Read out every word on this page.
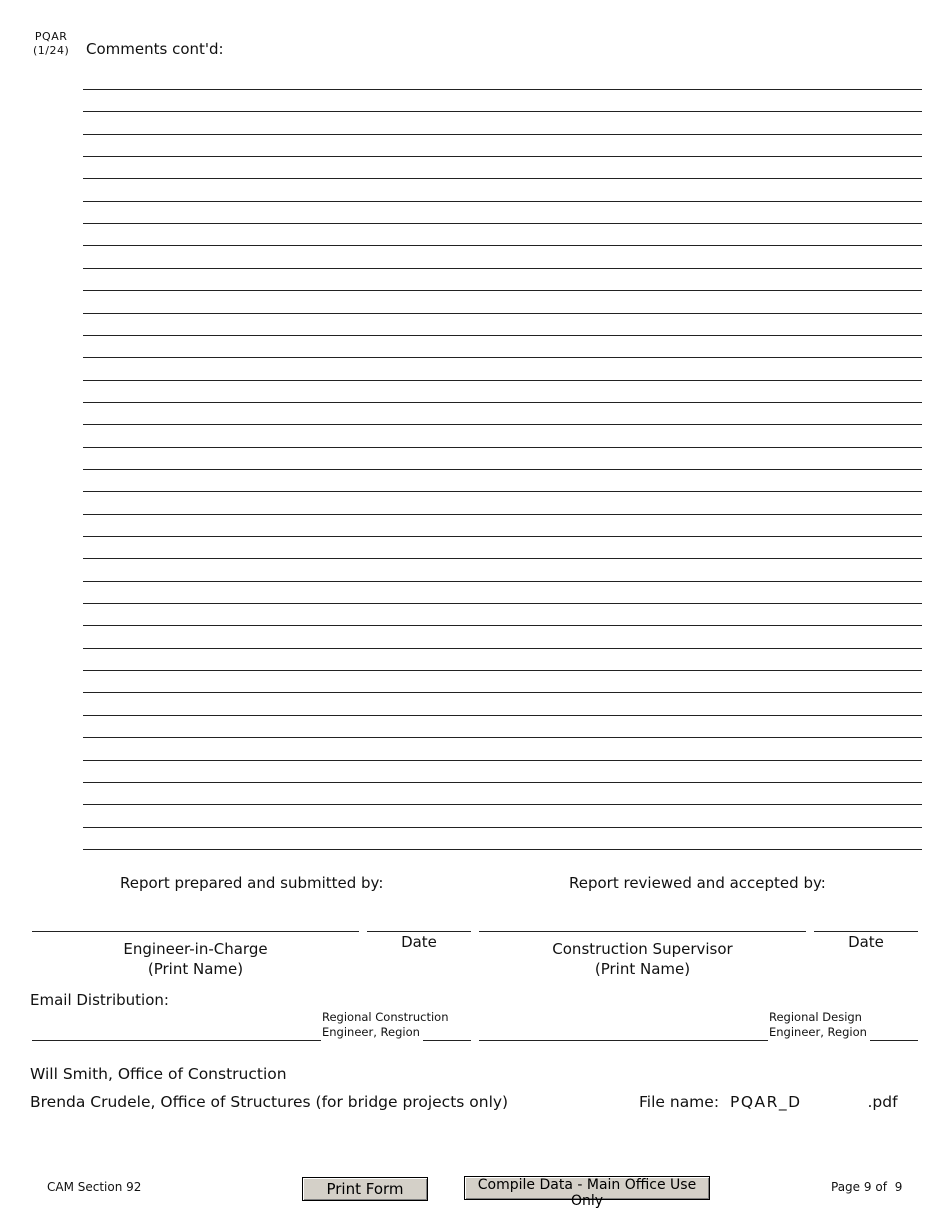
PQAR
(1/24) Comments cont'd:
Report prepared and submitted by:	Report reviewed and accepted by:
Engineer-in-Charge
(Print Name)
Date	Construction Supervisor
(Print Name)
Date
Email Distribution:
Regional Construction
Engineer, Region
Regional Design
Engineer, Region
Will Smith, Office of Construction
Brenda Crudele, Office of Structures (for bridge projects only)	File name: PQAR_D	.pdf
CAM Section 92	Print Form	Compile Data - Main Office Use Only
Page 9 of 9
